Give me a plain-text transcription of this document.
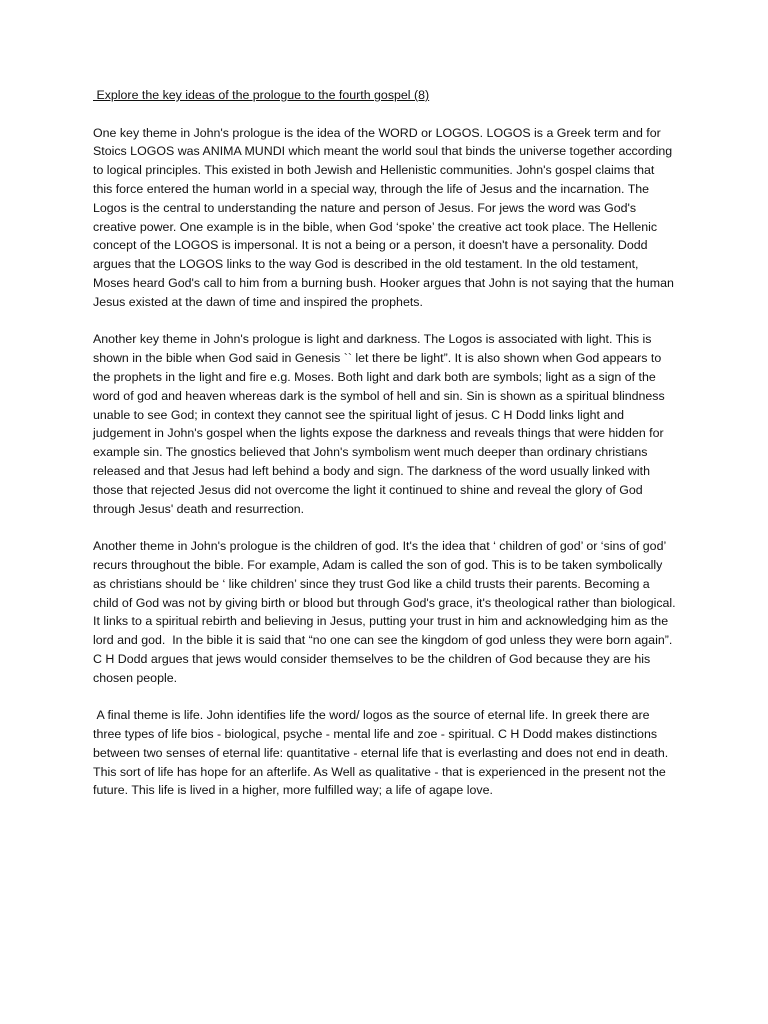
Explore the key ideas of the prologue to the fourth gospel (8)

One key theme in John's prologue is the idea of the WORD or LOGOS. LOGOS is a Greek term and for Stoics LOGOS was ANIMA MUNDI which meant the world soul that binds the universe together according to logical principles. This existed in both Jewish and Hellenistic communities. John's gospel claims that this force entered the human world in a special way, through the life of Jesus and the incarnation. The Logos is the central to understanding the nature and person of Jesus. For jews the word was God's creative power. One example is in the bible, when God ‘spoke’ the creative act took place. The Hellenic concept of the LOGOS is impersonal. It is not a being or a person, it doesn't have a personality. Dodd argues that the LOGOS links to the way God is described in the old testament. In the old testament, Moses heard God's call to him from a burning bush. Hooker argues that John is not saying that the human Jesus existed at the dawn of time and inspired the prophets.

Another key theme in John's prologue is light and darkness. The Logos is associated with light. This is shown in the bible when God said in Genesis `` let there be light”. It is also shown when God appears to the prophets in the light and fire e.g. Moses. Both light and dark both are symbols; light as a sign of the word of god and heaven whereas dark is the symbol of hell and sin. Sin is shown as a spiritual blindness unable to see God; in context they cannot see the spiritual light of jesus. C H Dodd links light and judgement in John's gospel when the lights expose the darkness and reveals things that were hidden for example sin. The gnostics believed that John's symbolism went much deeper than ordinary christians released and that Jesus had left behind a body and sign. The darkness of the word usually linked with those that rejected Jesus did not overcome the light it continued to shine and reveal the glory of God through Jesus' death and resurrection.

Another theme in John's prologue is the children of god. It's the idea that ‘ children of god’ or ‘sins of god’ recurs throughout the bible. For example, Adam is called the son of god. This is to be taken symbolically as christians should be ‘ like children’ since they trust God like a child trusts their parents. Becoming a child of God was not by giving birth or blood but through God's grace, it's theological rather than biological. It links to a spiritual rebirth and believing in Jesus, putting your trust in him and acknowledging him as the lord and god.  In the bible it is said that “no one can see the kingdom of god unless they were born again”. C H Dodd argues that jews would consider themselves to be the children of God because they are his chosen people.

A final theme is life. John identifies life the word/ logos as the source of eternal life. In greek there are three types of life bios - biological, psyche - mental life and zoe - spiritual. C H Dodd makes distinctions between two senses of eternal life: quantitative - eternal life that is everlasting and does not end in death. This sort of life has hope for an afterlife. As Well as qualitative - that is experienced in the present not the future. This life is lived in a higher, more fulfilled way; a life of agape love.
